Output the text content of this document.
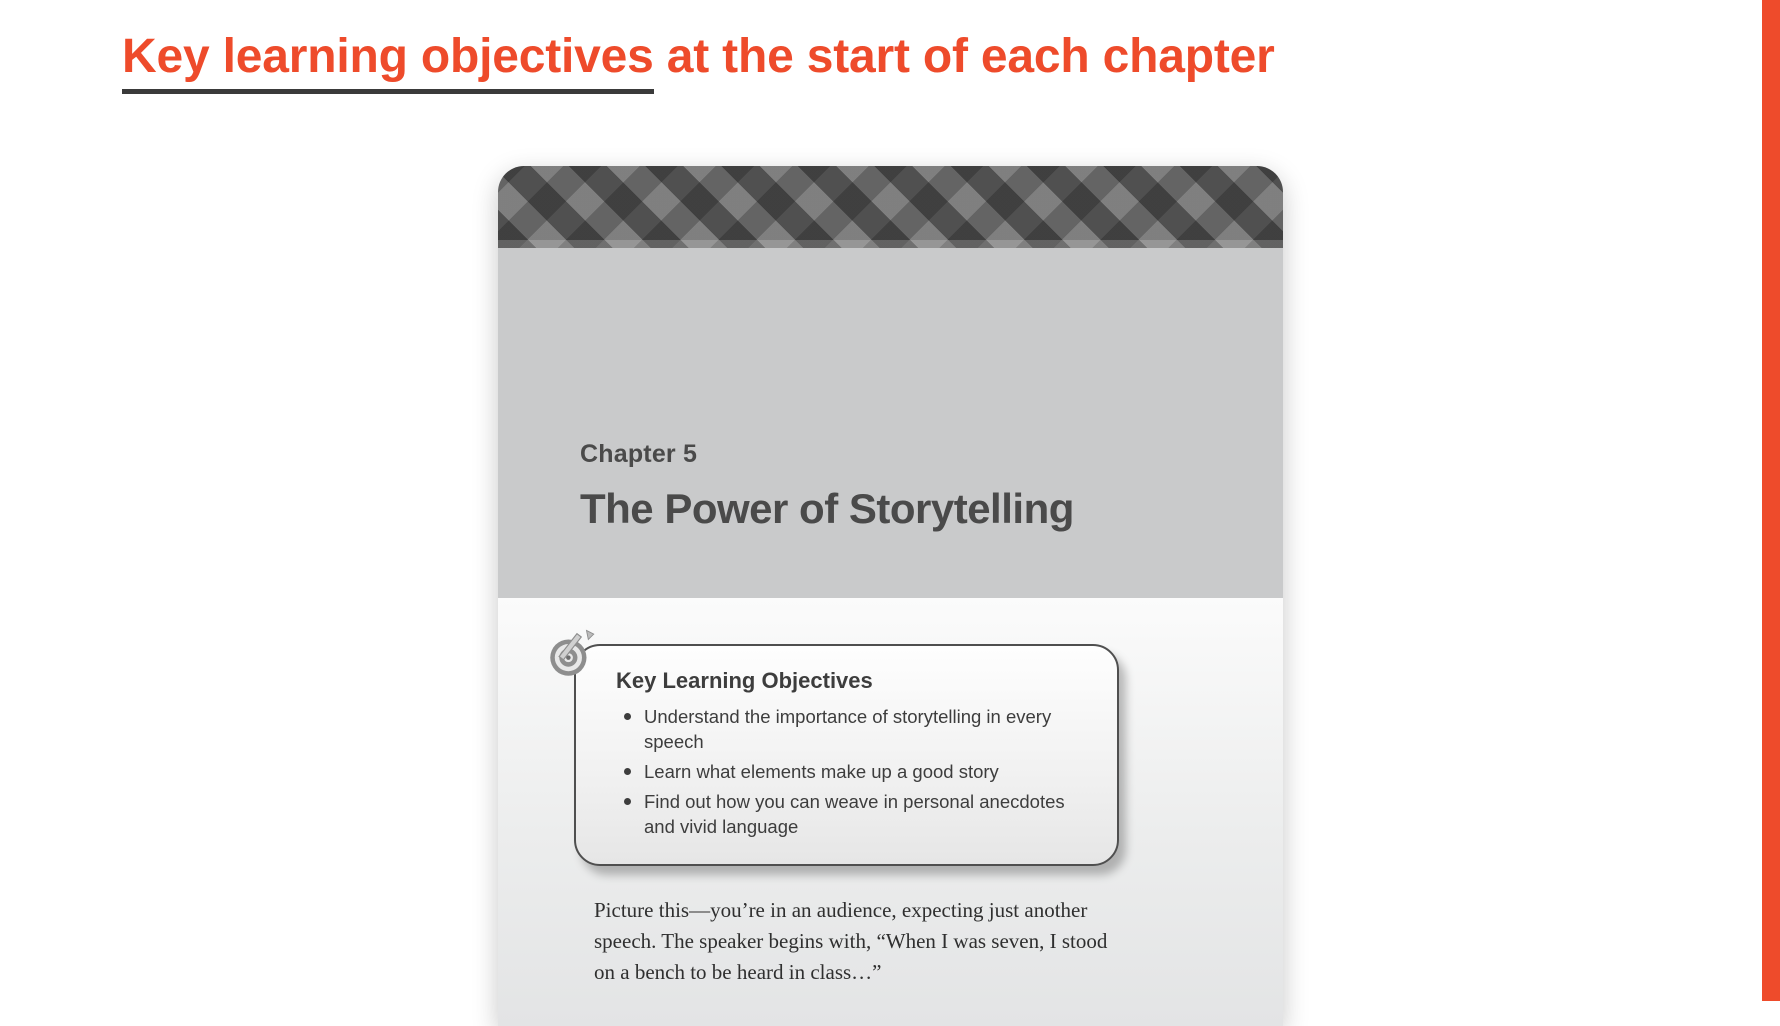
Key learning objectives at the start of each chapter
Chapter 5
The Power of Storytelling
Key Learning Objectives
Understand the importance of storytelling in every speech
Learn what elements make up a good story
Find out how you can weave in personal anecdotes and vivid language
Picture this—you’re in an audience, expecting just another speech. The speaker begins with, “When I was seven, I stood on a bench to be heard in class…”
